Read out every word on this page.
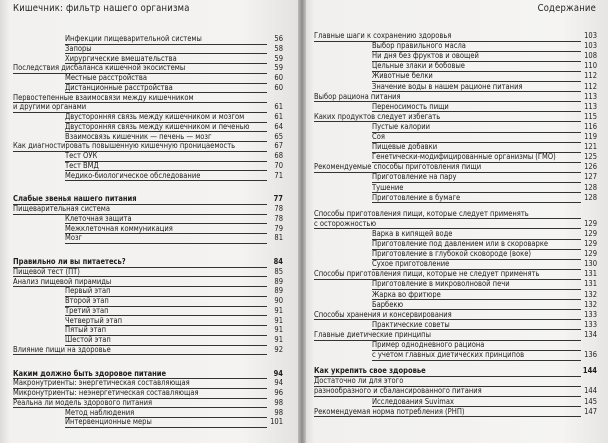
Кишечник: фильтр нашего организма
Инфекции пищеварительной системы	56
Запоры	58
Хирургические вмешательства	59
Последствия дисбаланса кишечной экосистемы	59
Местные расстройства	60
Дистанционные расстройства	60
Первостепенные взаимосвязи между кишечником
и другими органами	61
Двусторонняя связь между кишечником и мозгом	61
Двусторонняя связь между кишечником и печенью	64
Взаимосвязь кишечник — печень — мозг	65
Как диагностировать повышенную кишечную проницаемость	67
Тест OУК	68
Тест ВМД	70
Медико-биологическое обследование	71
Слабые звенья нашего питания	77
Пищеварительная система	78
Клеточная защита	78
Межклеточная коммуникация	79
Мозг	81
Правильно ли вы питаетесь?	84
Пищевой тест (ПТ)	85
Анализ пищевой пирамиды	89
Первый этап	89
Второй этап	90
Третий этап	91
Четвертый этап	91
Пятый этап	91
Шестой этап	91
Влияние пищи на здоровье	92
Каким должно быть здоровое питание	94
Макронутриенты: энергетическая составляющая	94
Микронутриенты: неэнергетическая составляющая	96
Реальна ли модель здорового питания	98
Метод наблюдения	98
Интервенционные меры	101
Содержание
Главные шаги к сохранению здоровья	103
Выбор правильного масла	103
Ни дня без фруктов и овощей	108
Цельные злаки и бобовые	110
Животные белки	112
Значение воды в нашем рационе питания	112
Выбор рациона питания	113
Переносимость пищи	113
Каких продуктов следует избегать	115
Пустые калории	116
Соя	119
Пищевые добавки	121
Генетически-модифицированные организмы (ГМО)	125
Рекомендуемые способы приготовления пищи	126
Приготовление на пару	127
Тушение	128
Приготовление в бумаге	128
Способы приготовления пищи, которые следует применять
с осторожностью	129
Варка в кипящей воде	129
Приготовление под давлением или в скороварке	129
Приготовление в глубокой сковороде (воке)	129
Сухое приготовление	130
Способы приготовления пищи, которые не следует применять	131
Приготовление в микроволновой печи	131
Жарка во фритюре	132
Барбекю	132
Способы хранения и консервирования	133
Практические советы	133
Главные диетические принципы	134
Пример однодневного рациона
с учетом главных диетических принципов	136
Как укрепить свое здоровье	144
Достаточно ли для этого
разнообразного и сбалансированного питания	144
Исследования Suvimax	145
Рекомендуемая норма потребления (РНП)	147
